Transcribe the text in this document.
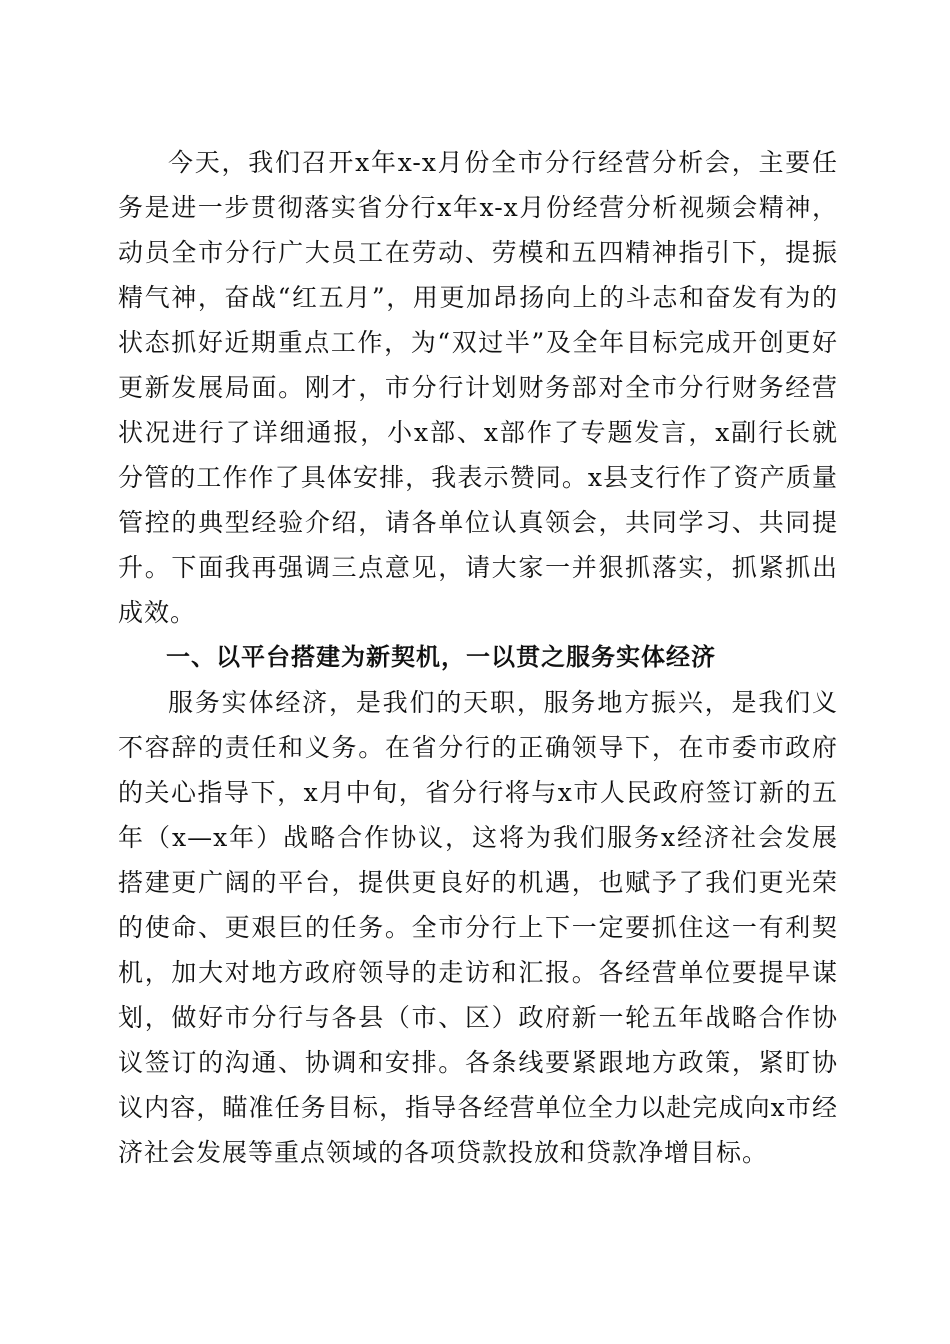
今天，我们召开x年x-x月份全市分行经营分析会，主要任务是进一步贯彻落实省分行x年x-x月份经营分析视频会精神，动员全市分行广大员工在劳动、劳模和五四精神指引下，提振精气神，奋战“红五月”，用更加昂扬向上的斗志和奋发有为的状态抓好近期重点工作，为“双过半”及全年目标完成开创更好更新发展局面。刚才，市分行计划财务部对全市分行财务经营状况进行了详细通报，小x部、x部作了专题发言，x副行长就分管的工作作了具体安排，我表示赞同。x县支行作了资产质量管控的典型经验介绍，请各单位认真领会，共同学习、共同提升。下面我再强调三点意见，请大家一并狠抓落实，抓紧抓出成效。

一、以平台搭建为新契机，一以贯之服务实体经济

服务实体经济，是我们的天职，服务地方振兴，是我们义不容辞的责任和义务。在省分行的正确领导下，在市委市政府的关心指导下，x月中旬，省分行将与x市人民政府签订新的五年（x—x年）战略合作协议，这将为我们服务x经济社会发展搭建更广阔的平台，提供更良好的机遇，也赋予了我们更光荣的使命、更艰巨的任务。全市分行上下一定要抓住这一有利契机，加大对地方政府领导的走访和汇报。各经营单位要提早谋划，做好市分行与各县（市、区）政府新一轮五年战略合作协议签订的沟通、协调和安排。各条线要紧跟地方政策，紧盯协议内容，瞄准任务目标，指导各经营单位全力以赴完成向x市经济社会发展等重点领域的各项贷款投放和贷款净增目标。
